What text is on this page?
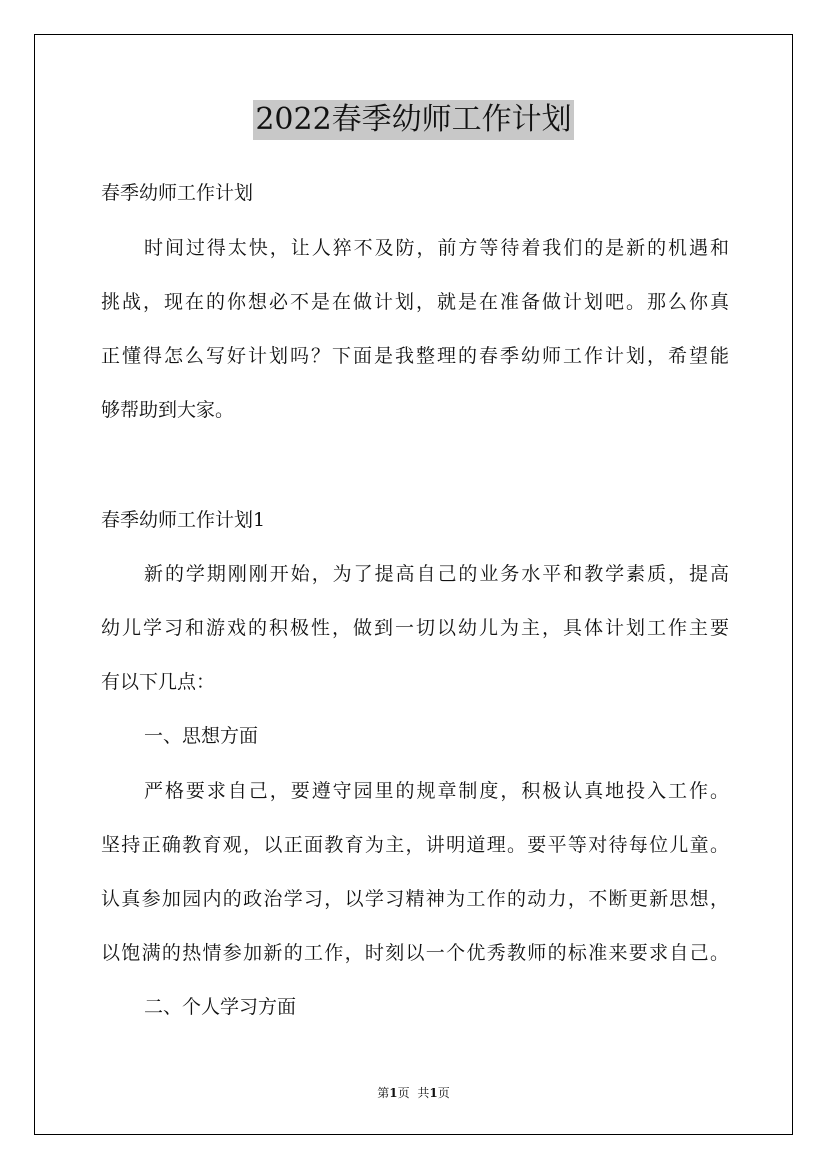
2022春季幼师工作计划
春季幼师工作计划
时间过得太快，让人猝不及防，前方等待着我们的是新的机遇和
挑战，现在的你想必不是在做计划，就是在准备做计划吧。那么你真
正懂得怎么写好计划吗？下面是我整理的春季幼师工作计划，希望能
够帮助到大家。
春季幼师工作计划1
新的学期刚刚开始，为了提高自己的业务水平和教学素质，提高
幼儿学习和游戏的积极性，做到一切以幼儿为主，具体计划工作主要
有以下几点：
一、思想方面
严格要求自己，要遵守园里的规章制度，积极认真地投入工作。
坚持正确教育观，以正面教育为主，讲明道理。要平等对待每位儿童。
认真参加园内的政治学习，以学习精神为工作的动力，不断更新思想，
以饱满的热情参加新的工作，时刻以一个优秀教师的标准来要求自己。
二、个人学习方面
第1页 共1页
